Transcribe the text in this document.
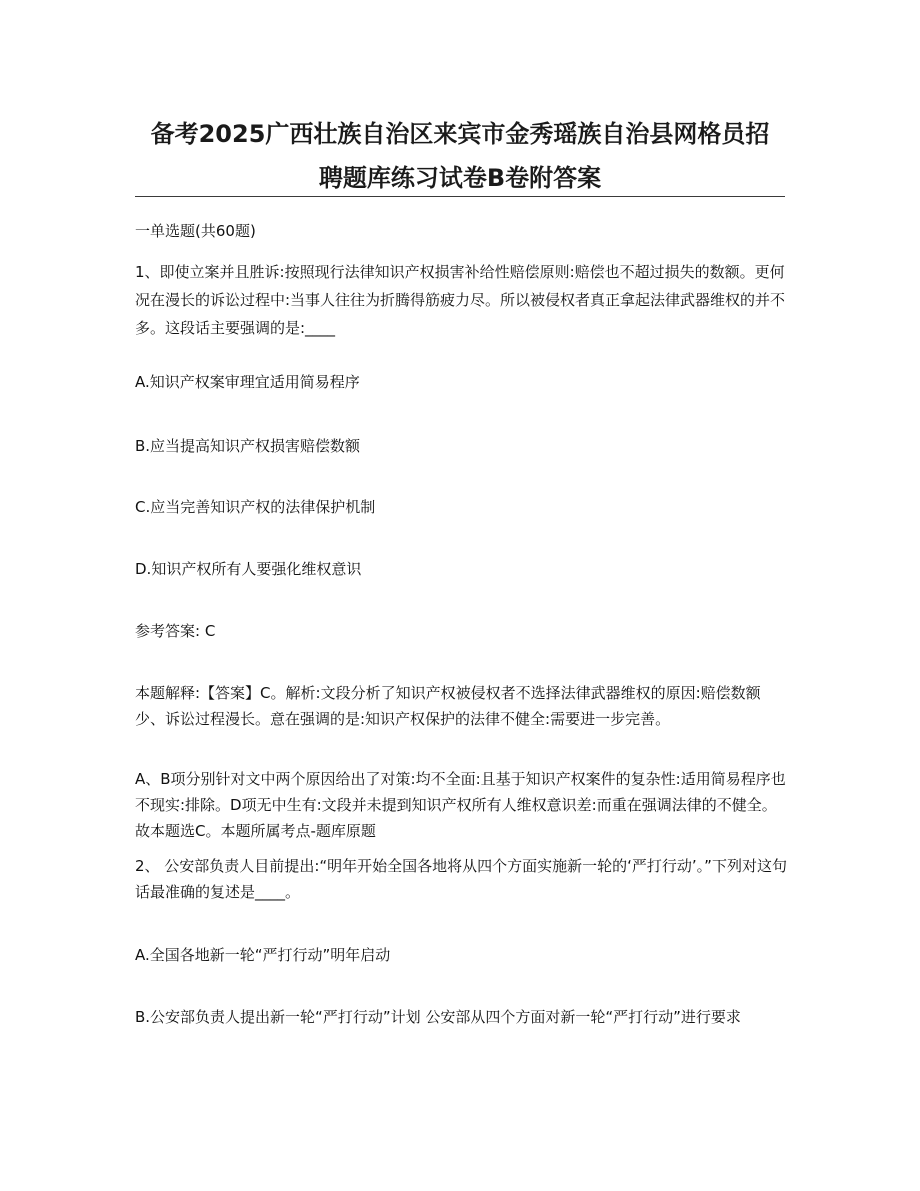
备考2025广西壮族自治区来宾市金秀瑶族自治县网格员招
聘题库练习试卷B卷附答案
一单选题(共60题)
1、即使立案并且胜诉:按照现行法律知识产权损害补给性赔偿原则:赔偿也不超过损失的数额。更何况在漫长的诉讼过程中:当事人往往为折腾得筋疲力尽。所以被侵权者真正拿起法律武器维权的并不多。这段话主要强调的是:____
A.知识产权案审理宜适用简易程序
B.应当提高知识产权损害赔偿数额
C.应当完善知识产权的法律保护机制
D.知识产权所有人要强化维权意识
参考答案: C
本题解释:【答案】C。解析:文段分析了知识产权被侵权者不选择法律武器维权的原因:赔偿数额少、诉讼过程漫长。意在强调的是:知识产权保护的法律不健全:需要进一步完善。
A、B项分别针对文中两个原因给出了对策:均不全面:且基于知识产权案件的复杂性:适用简易程序也不现实:排除。D项无中生有:文段并未提到知识产权所有人维权意识差:而重在强调法律的不健全。故本题选C。本题所属考点-题库原题
2、 公安部负责人目前提出:“明年开始全国各地将从四个方面实施新一轮的‘严打行动’。”下列对这句话最准确的复述是____。
A.全国各地新一轮“严打行动”明年启动
B.公安部负责人提出新一轮“严打行动”计划 公安部从四个方面对新一轮“严打行动”进行要求
